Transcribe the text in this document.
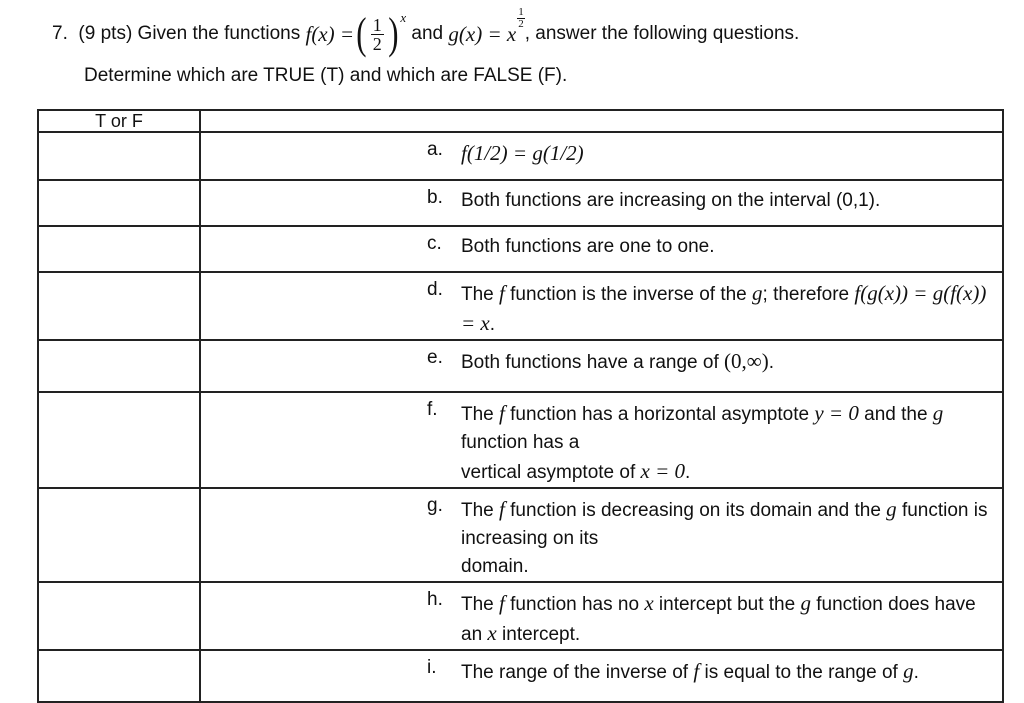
7.
(9 pts) Given the functions
f(x) = ( $\frac{1}{2}$ ) x

and
g(x) = x
$\frac{1}{2}$
, answer the following questions.
Determine which are TRUE (T) and which are FALSE (F).
T or F	

	a. f(1/2) = g(1/2)

	b. Both functions are increasing on the interval (0,1).

	c. Both functions are one to one.

	d. The f function is the inverse of the g; therefore f(g(x)) = g(f(x)) = x.

	e. Both functions have a range of (0,∞).

	f. The f function has a horizontal asymptote y = 0 and the g function has a
vertical asymptote of x = 0.

	g. The f function is decreasing on its domain and the g function is increasing on its
domain.

	h. The f function has no x intercept but the g function does have an x intercept.

	i. The range of the inverse of f is equal to the range of g.
